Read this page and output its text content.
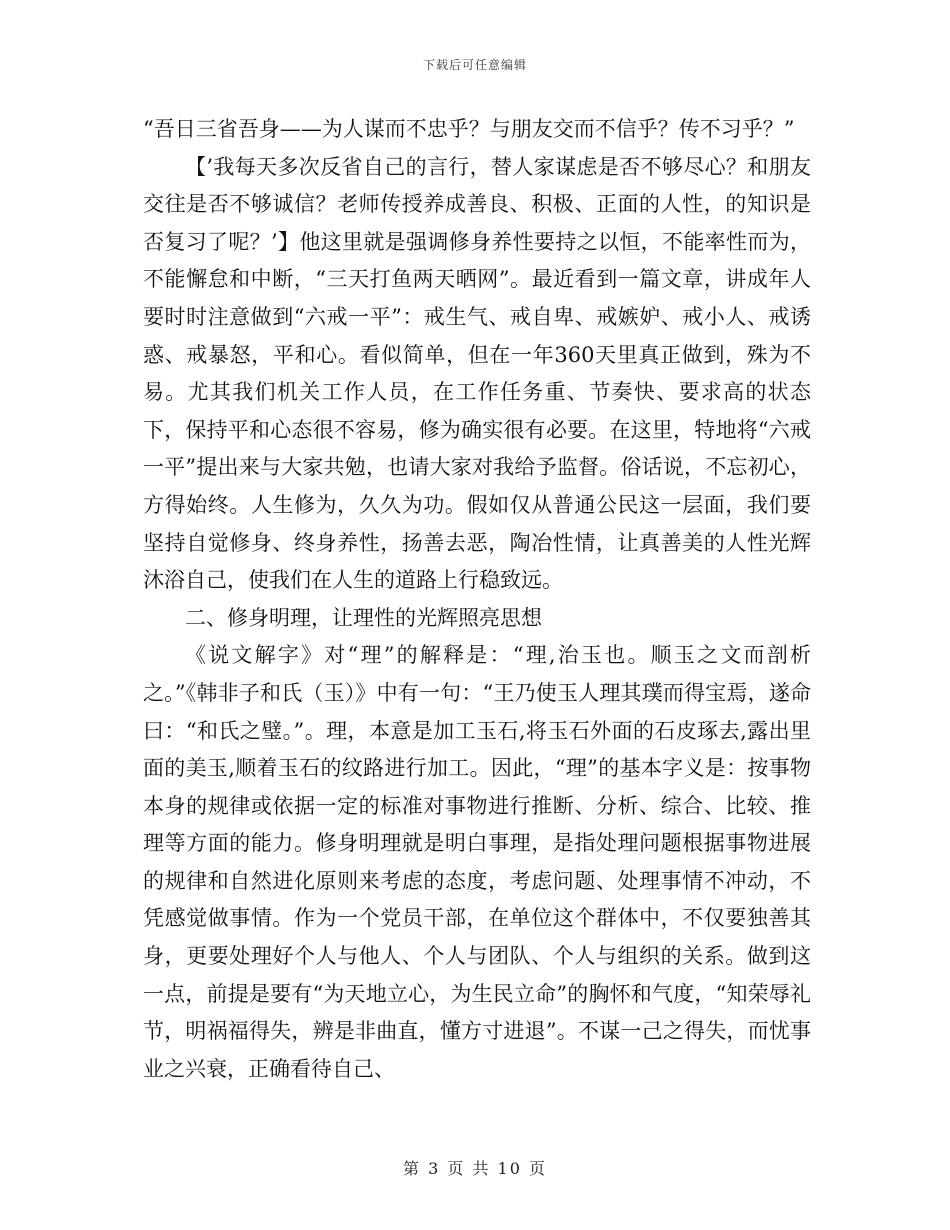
下载后可任意编辑

“吾日三省吾身——为人谋而不忠乎？与朋友交而不信乎？传不习乎？”

【’我每天多次反省自己的言行，替人家谋虑是否不够尽心？和朋友交往是否不够诚信？老师传授养成善良、积极、正面的人性，的知识是否复习了呢？’】他这里就是强调修身养性要持之以恒，不能率性而为，不能懈怠和中断，“三天打鱼两天晒网”。最近看到一篇文章，讲成年人要时时注意做到“六戒一平”：戒生气、戒自卑、戒嫉妒、戒小人、戒诱惑、戒暴怒，平和心。看似简单，但在一年360天里真正做到，殊为不易。尤其我们机关工作人员，在工作任务重、节奏快、要求高的状态下，保持平和心态很不容易，修为确实很有必要。在这里，特地将“六戒一平”提出来与大家共勉，也请大家对我给予监督。俗话说，不忘初心，方得始终。人生修为，久久为功。假如仅从普通公民这一层面，我们要坚持自觉修身、终身养性，扬善去恶，陶冶性情，让真善美的人性光辉沐浴自己，使我们在人生的道路上行稳致远。

二、修身明理，让理性的光辉照亮思想

《说文解字》对“理”的解释是：“理,治玉也。顺玉之文而剖析之。”《韩非子和氏（玉）》中有一句：“王乃使玉人理其璞而得宝焉，遂命曰：“和氏之璧。”。理，本意是加工玉石,将玉石外面的石皮琢去,露出里面的美玉,顺着玉石的纹路进行加工。因此，“理”的基本字义是：按事物本身的规律或依据一定的标准对事物进行推断、分析、综合、比较、推理等方面的能力。修身明理就是明白事理，是指处理问题根据事物进展的规律和自然进化原则来考虑的态度，考虑问题、处理事情不冲动，不凭感觉做事情。作为一个党员干部，在单位这个群体中，不仅要独善其身，更要处理好个人与他人、个人与团队、个人与组织的关系。做到这一点，前提是要有“为天地立心，为生民立命”的胸怀和气度，“知荣辱礼节，明祸福得失，辨是非曲直，懂方寸进退”。不谋一己之得失，而忧事业之兴衰，正确看待自己、

第 3 页 共 10 页
